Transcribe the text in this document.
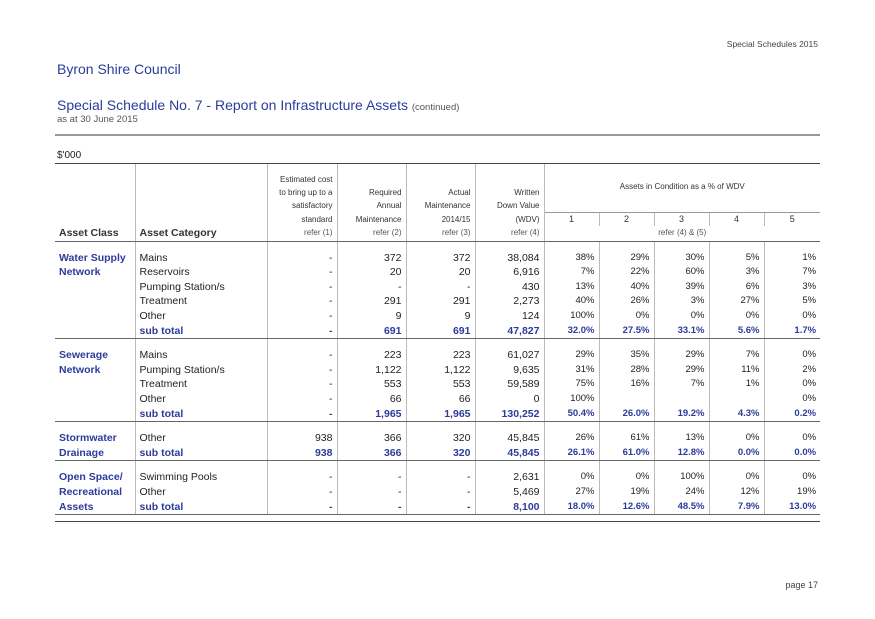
Special Schedules 2015
Byron Shire Council
Special Schedule No. 7 - Report on Infrastructure Assets (continued)
as at 30 June 2015
$'000

		Estimated cost				Assets in Condition as a % of WDV				
		to bring up to a	Required	Actual	Written					
		satisfactory	Annual	Maintenance	Down Value					
		standard	Maintenance	2014/15	(WDV)	1	2	3	4	5
Asset Class	Asset Category	refer (1)	refer (2)	refer (3)	refer (4)	refer (4) & (5)				

Water Supply	Mains	-	372	372	38,084	38%	29%	30%	5%	1%
Network	Reservoirs	-	20	20	6,916	7%	22%	60%	3%	7%
	Pumping Station/s	-	-	-	430	13%	40%	39%	6%	3%
	Treatment	-	291	291	2,273	40%	26%	3%	27%	5%
	Other	-	9	9	124	100%	0%	0%	0%	0%
	sub total	-	691	691	47,827	32.0%	27.5%	33.1%	5.6%	1.7%

Sewerage	Mains	-	223	223	61,027	29%	35%	29%	7%	0%
Network	Pumping Station/s	-	1,122	1,122	9,635	31%	28%	29%	11%	2%
	Treatment	-	553	553	59,589	75%	16%	7%	1%	0%
	Other	-	66	66	0	100%				0%
	sub total	-	1,965	1,965	130,252	50.4%	26.0%	19.2%	4.3%	0.2%

Stormwater	Other	938	366	320	45,845	26%	61%	13%	0%	0%
Drainage	sub total	938	366	320	45,845	26.1%	61.0%	12.8%	0.0%	0.0%

Open Space/	Swimming Pools	-	-	-	2,631	0%	0%	100%	0%	0%
Recreational	Other	-	-	-	5,469	27%	19%	24%	12%	19%
Assets	sub total	-	-	-	8,100	18.0%	12.6%	48.5%	7.9%	13.0%
page 17
